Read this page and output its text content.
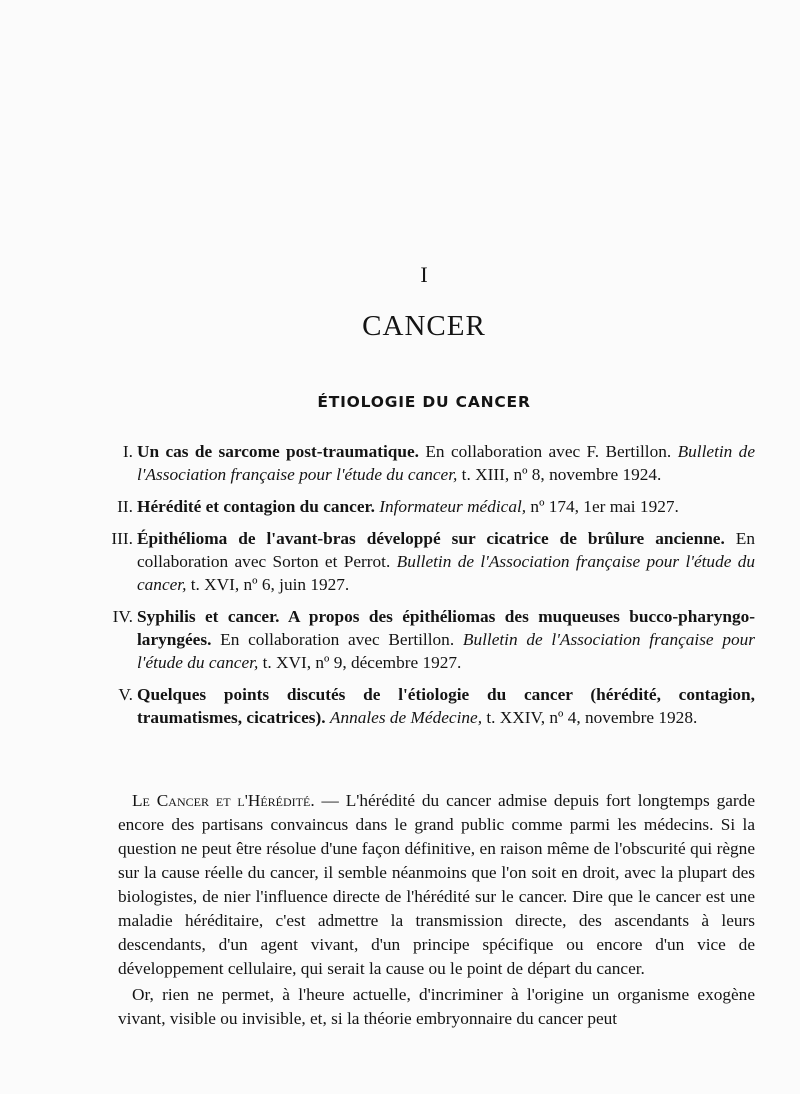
I
CANCER
ÉTIOLOGIE DU CANCER
I. Un cas de sarcome post-traumatique. En collaboration avec F. Bertillon. Bulletin de l'Association française pour l'étude du cancer, t. XIII, nº 8, novembre 1924.
II. Hérédité et contagion du cancer. Informateur médical, nº 174, 1er mai 1927.
III. Épithélioma de l'avant-bras développé sur cicatrice de brûlure ancienne. En collaboration avec Sorton et Perrot. Bulletin de l'Association française pour l'étude du cancer, t. XVI, nº 6, juin 1927.
IV. Syphilis et cancer. A propos des épithéliomas des muqueuses bucco-pharyngo-laryngées. En collaboration avec Bertillon. Bulletin de l'Association française pour l'étude du cancer, t. XVI, nº 9, décembre 1927.
V. Quelques points discutés de l'étiologie du cancer (hérédité, contagion, traumatismes, cicatrices). Annales de Médecine, t. XXIV, nº 4, novembre 1928.

Le Cancer et l'Hérédité. — L'hérédité du cancer admise depuis fort longtemps garde encore des partisans convaincus dans le grand public comme parmi les médecins. Si la question ne peut être résolue d'une façon définitive, en raison même de l'obscurité qui règne sur la cause réelle du cancer, il semble néanmoins que l'on soit en droit, avec la plupart des biologistes, de nier l'influence directe de l'hérédité sur le cancer. Dire que le cancer est une maladie héréditaire, c'est admettre la transmission directe, des ascendants à leurs descendants, d'un agent vivant, d'un principe spécifique ou encore d'un vice de développement cellulaire, qui serait la cause ou le point de départ du cancer.

Or, rien ne permet, à l'heure actuelle, d'incriminer à l'origine un organisme exogène vivant, visible ou invisible, et, si la théorie embryonnaire du cancer peut
